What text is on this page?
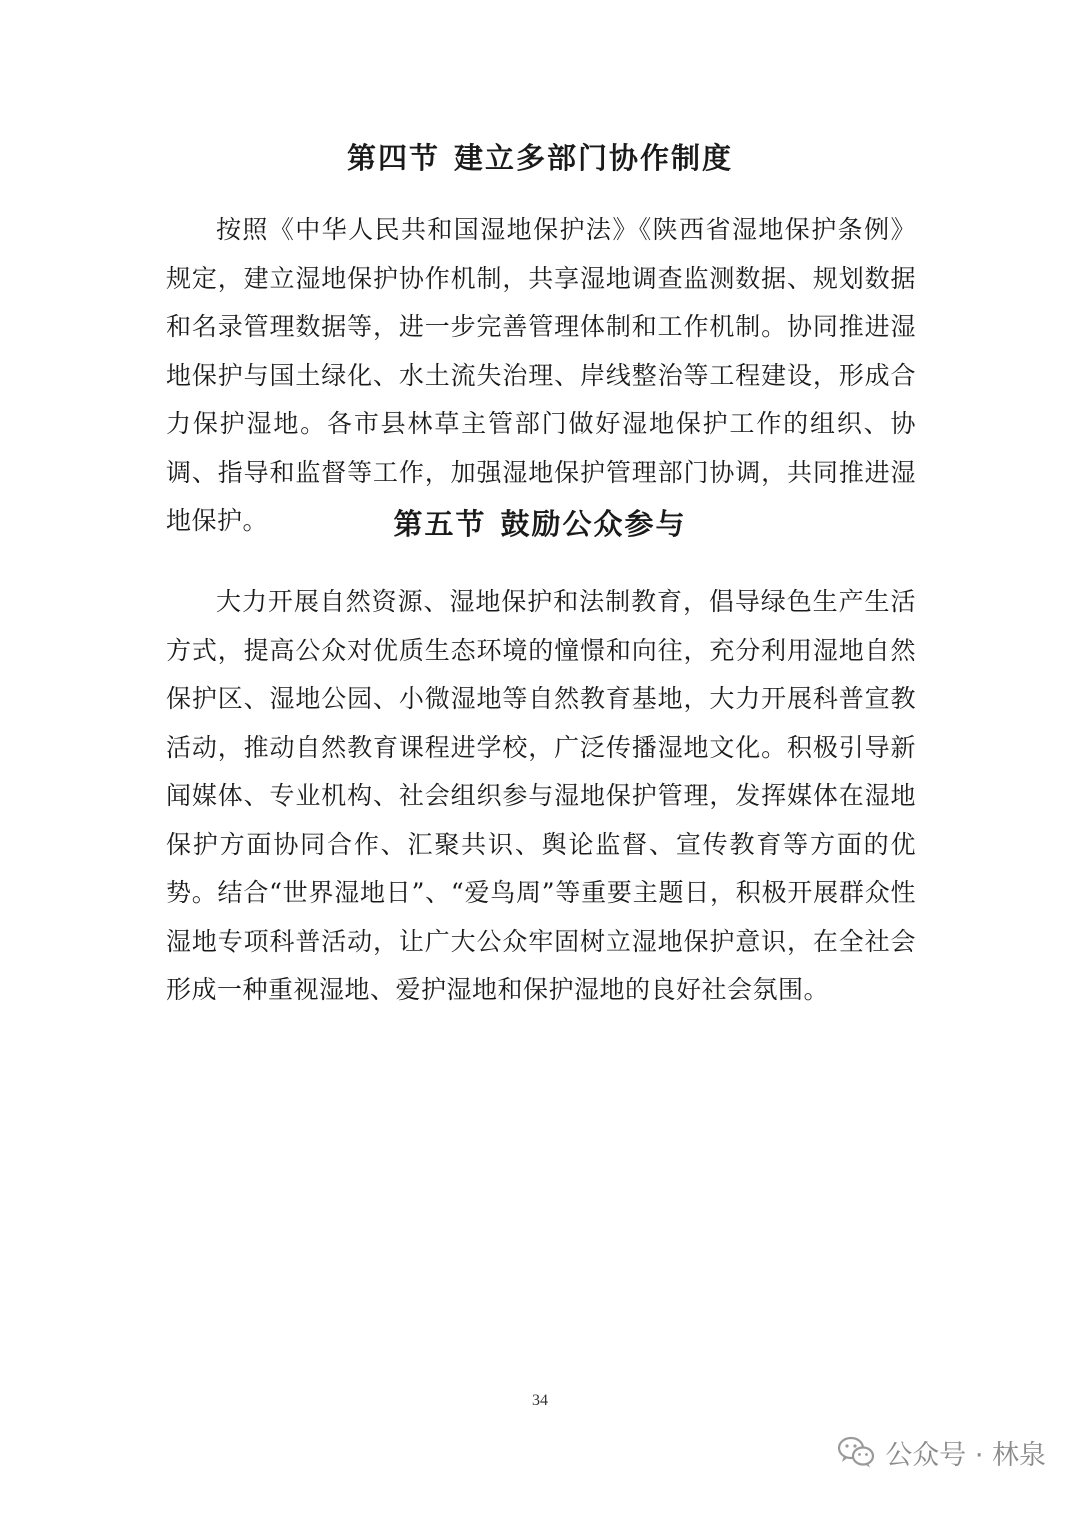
第四节 建立多部门协作制度
按照《中华人民共和国湿地保护法》《陕西省湿地保护条例》规定，建立湿地保护协作机制，共享湿地调查监测数据、规划数据和名录管理数据等，进一步完善管理体制和工作机制。协同推进湿地保护与国土绿化、水土流失治理、岸线整治等工程建设，形成合力保护湿地。各市县林草主管部门做好湿地保护工作的组织、协调、指导和监督等工作，加强湿地保护管理部门协调，共同推进湿地保护。	第五节 鼓励公众参与
大力开展自然资源、湿地保护和法制教育，倡导绿色生产生活方式，提高公众对优质生态环境的憧憬和向往，充分利用湿地自然保护区、湿地公园、小微湿地等自然教育基地，大力开展科普宣教活动，推动自然教育课程进学校，广泛传播湿地文化。积极引导新闻媒体、专业机构、社会组织参与湿地保护管理，发挥媒体在湿地保护方面协同合作、汇聚共识、舆论监督、宣传教育等方面的优势。结合“世界湿地日”、“爱鸟周”等重要主题日，积极开展群众性湿地专项科普活动，让广大公众牢固树立湿地保护意识，在全社会形成一种重视湿地、爱护湿地和保护湿地的良好社会氛围。
34
公众号 · 林泉
